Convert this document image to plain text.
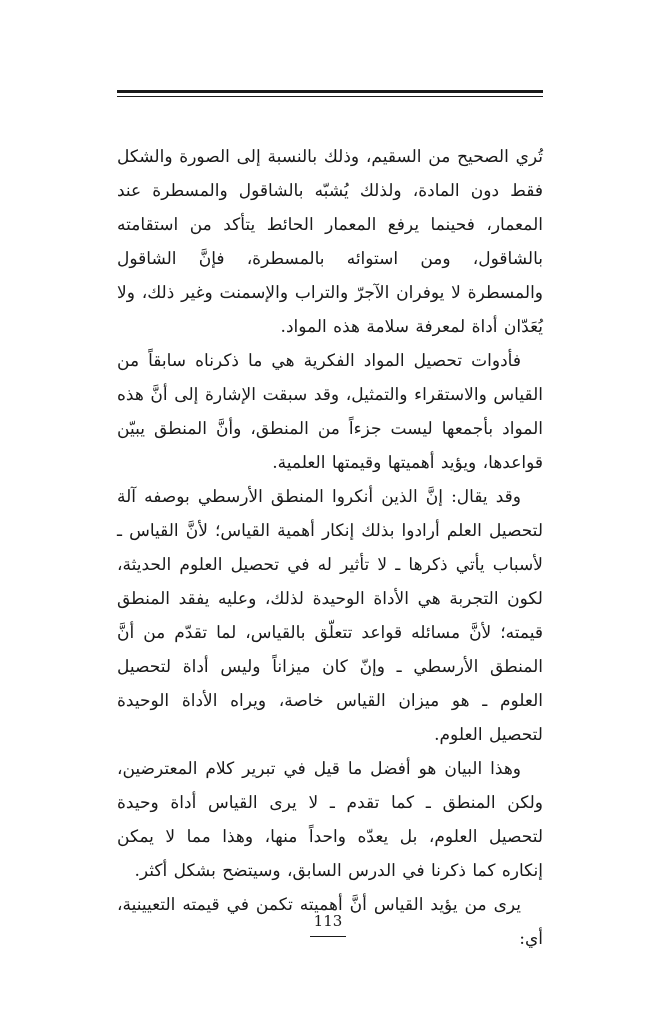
تُري الصحيح من السقيم، وذلك بالنسبة إلى الصورة والشكل فقط دون المادة، ولذلك يُشبّه بالشاقول والمسطرة عند المعمار، فحينما يرفع المعمار الحائط يتأكد من استقامته بالشاقول، ومن استوائه بالمسطرة، فإنَّ الشاقول والمسطرة لا يوفران الآجرّ والتراب والإسمنت وغير ذلك، ولا يُعَدّان أداة لمعرفة سلامة هذه المواد.

فأدوات تحصيل المواد الفكرية هي ما ذكرناه سابقاً من القياس والاستقراء والتمثيل، وقد سبقت الإشارة إلى أنَّ هذه المواد بأجمعها ليست جزءاً من المنطق، وأنَّ المنطق يبيّن قواعدها، ويؤيد أهميتها وقيمتها العلمية.

وقد يقال: إنَّ الذين أنكروا المنطق الأرسطي بوصفه آلة لتحصيل العلم أرادوا بذلك إنكار أهمية القياس؛ لأنَّ القياس ـ لأسباب يأتي ذكرها ـ لا تأثير له في تحصيل العلوم الحديثة، لكون التجربة هي الأداة الوحيدة لذلك، وعليه يفقد المنطق قيمته؛ لأنَّ مسائله قواعد تتعلّق بالقياس، لما تقدّم من أنَّ المنطق الأرسطي ـ وإنّ كان ميزاناً وليس أداة لتحصيل العلوم ـ هو ميزان القياس خاصة، ويراه الأداة الوحيدة لتحصيل العلوم.

وهذا البيان هو أفضل ما قيل في تبرير كلام المعترضين، ولكن المنطق ـ كما تقدم ـ لا يرى القياس أداة وحيدة لتحصيل العلوم، بل يعدّه واحداً منها، وهذا مما لا يمكن إنكاره كما ذكرنا في الدرس السابق، وسيتضح بشكل أكثر.

يرى من يؤيد القياس أنَّ أهميته تكمن في قيمته التعيينية، أي:

113
